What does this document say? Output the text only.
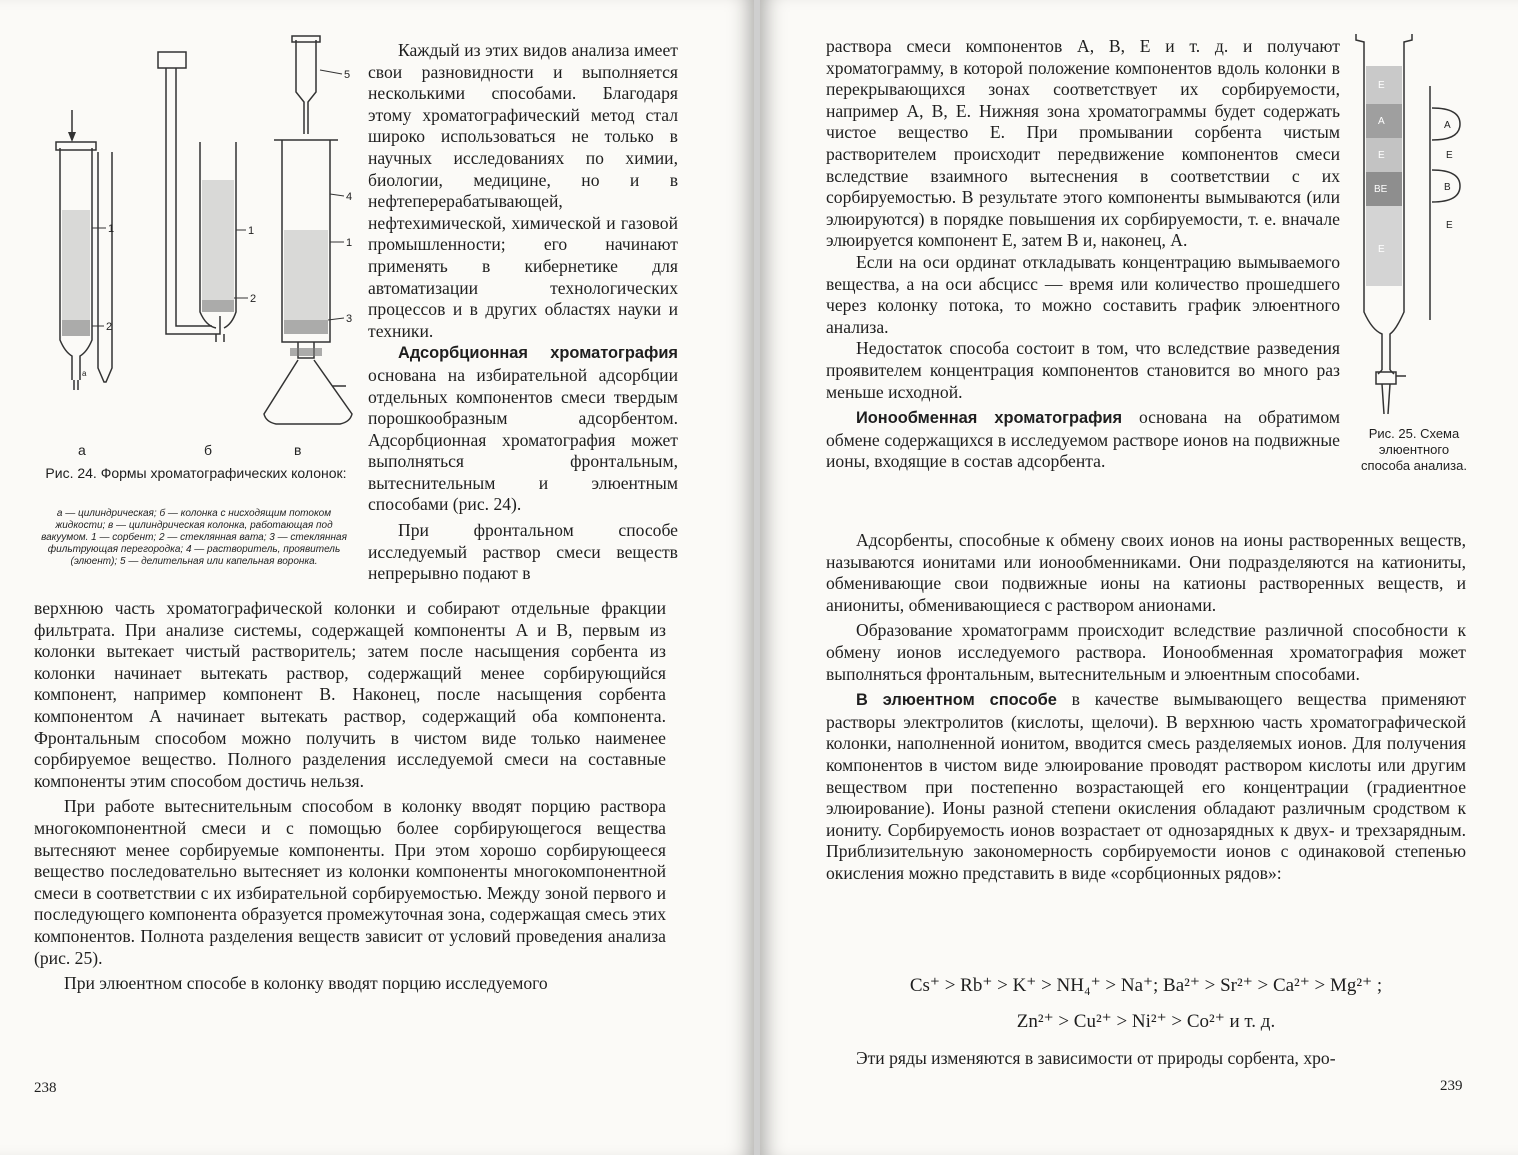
1
2
1
2
5
4
1
3
a
а	б	в
Рис. 24. Формы хроматографических колонок:
а — цилиндрическая; б — колонка с нисходящим потоком жидкости; в — цилиндрическая колонка, работающая под вакуумом. 1 — сорбент; 2 — стеклянная вата; 3 — стеклянная фильтрующая перегородка; 4 — растворитель, проявитель (элюент); 5 — делительная или капельная воронка.

Каждый из этих видов анализа имеет свои разновидности и выполняется несколькими способами. Благодаря этому хроматографический метод стал широко использоваться не только в научных исследованиях по химии, биологии, медицине, но и в нефтеперерабатывающей, нефтехимической, химической и газовой промышленности; его начинают применять в кибернетике для автоматизации технологических процессов и в других областях науки и техники.

Адсорбционная хроматография основана на избирательной адсорбции отдельных компонентов смеси твердым порошкообразным адсорбентом. Адсорбционная хроматография может выполняться фронтальным, вытеснительным и элюентным способами (рис. 24).

При фронтальном способе исследуемый раствор смеси веществ непрерывно подают в

верхнюю часть хроматографической колонки и собирают отдельные фракции фильтрата. При анализе системы, содержащей компоненты A и B, первым из колонки вытекает чистый растворитель; затем после насыщения сорбента из колонки начинает вытекать раствор, содержащий менее сорбирующийся компонент, например компонент B. Наконец, после насыщения сорбента компонентом A начинает вытекать раствор, содержащий оба компонента. Фронтальным способом можно получить в чистом виде только наименее сорбируемое вещество. Полного разделения исследуемой смеси на составные компоненты этим способом достичь нельзя.

При работе вытеснительным способом в колонку вводят порцию раствора многокомпонентной смеси и с помощью более сорбирующегося вещества вытесняют менее сорбируемые компоненты. При этом хорошо сорбирующееся вещество последовательно вытесняет из колонки компоненты многокомпонентной смеси в соответствии с их избирательной сорбируемостью. Между зоной первого и последующего компонента образуется промежуточная зона, содержащая смесь этих компонентов. Полнота разделения веществ зависит от условий проведения анализа (рис. 25).

При элюентном способе в колонку вводят порцию исследуемого

238
E
A
E
BE
E
A
E
B
E
Рис. 25. Схема элюентного способа анализа.

раствора смеси компонентов A, B, E и т. д. и получают хроматограмму, в которой положение компонентов вдоль колонки в перекрывающихся зонах соответствует их сорбируемости, например A, B, E. Нижняя зона хроматограммы будет содержать чистое вещество E. При промывании сорбента чистым растворителем происходит передвижение компонентов смеси вследствие взаимного вытеснения в соответствии с их сорбируемостью. В результате этого компоненты вымываются (или элюируются) в порядке повышения их сорбируемости, т. е. вначале элюируется компонент E, затем B и, наконец, A.

Если на оси ординат откладывать концентрацию вымываемого вещества, а на оси абсцисс — время или количество прошедшего через колонку потока, то можно составить график элюентного анализа.

Недостаток способа состоит в том, что вследствие разведения проявителем концентрация компонентов становится во много раз меньше исходной.

Ионообменная хроматография основана на обратимом обмене содержащихся в исследуемом растворе ионов на подвижные ионы, входящие в состав адсорбента.

Адсорбенты, способные к обмену своих ионов на ионы растворенных веществ, называются ионитами или ионообменниками. Они подразделяются на катиониты, обменивающие свои подвижные ионы на катионы растворенных веществ, и аниониты, обменивающиеся с раствором анионами.

Образование хроматограмм происходит вследствие различной способности к обмену ионов исследуемого раствора. Ионообменная хроматография может выполняться фронтальным, вытеснительным и элюентным способами.

В элюентном способе в качестве вымывающего вещества применяют растворы электролитов (кислоты, щелочи). В верхнюю часть хроматографической колонки, наполненной ионитом, вводится смесь разделяемых ионов. Для получения компонентов в чистом виде элюирование проводят раствором кислоты или другим веществом при постепенно возрастающей его концентрации (градиентное элюирование). Ионы разной степени окисления обладают различным сродством к иониту. Сорбируемость ионов возрастает от однозарядных к двух- и трехзарядным. Приблизительную закономерность сорбируемости ионов с одинаковой степенью окисления можно представить в виде «сорбционных рядов»:

Cs⁺ > Rb⁺ > K⁺ > NH₄⁺ > Na⁺; Ba²⁺ > Sr²⁺ > Ca²⁺ > Mg²⁺ ;
Zn²⁺ > Cu²⁺ > Ni²⁺ > Co²⁺ и т. д.

Эти ряды изменяются в зависимости от природы сорбента, хро-

239
